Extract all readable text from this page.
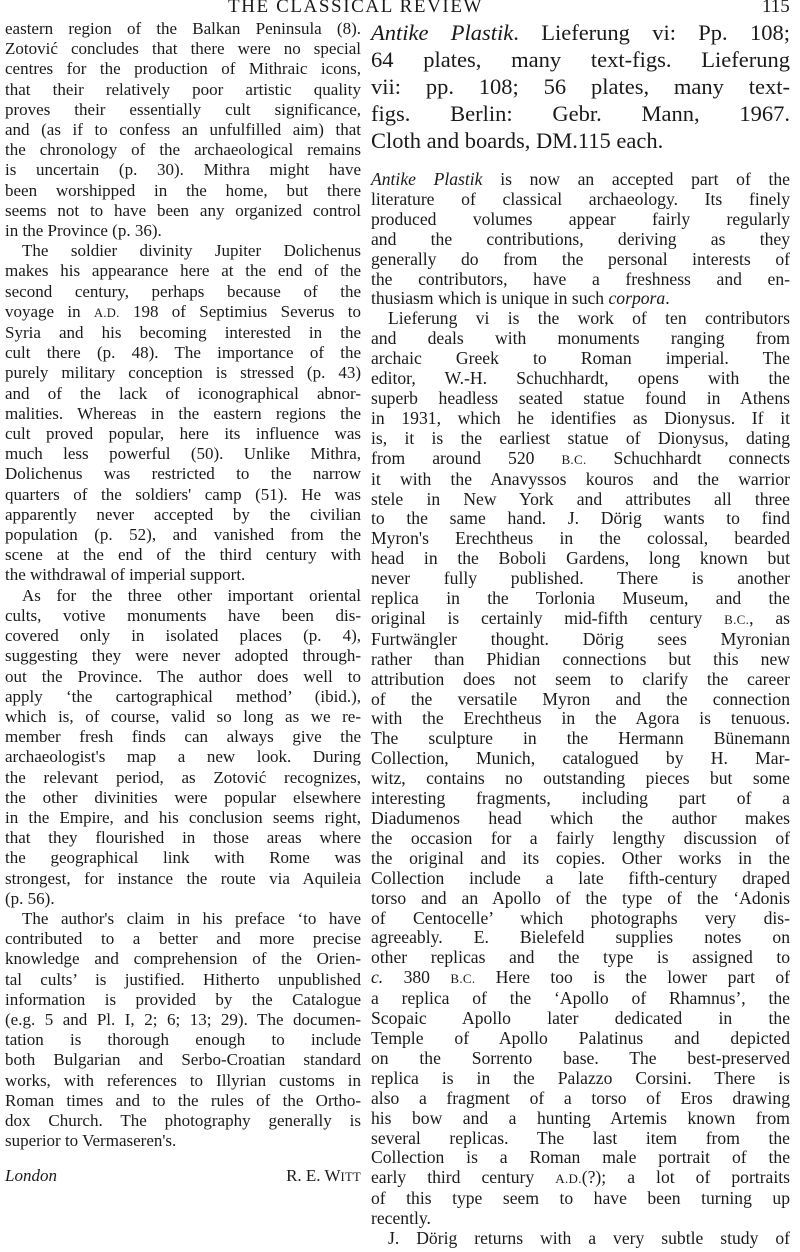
THE CLASSICAL REVIEW	115
eastern region of the Balkan Peninsula (8).
Zotović concludes that there were no special
centres for the production of Mithraic icons,
that their relatively poor artistic quality
proves their essentially cult significance,
and (as if to confess an unfulfilled aim) that
the chronology of the archaeological remains
is uncertain (p. 30). Mithra might have
been worshipped in the home, but there
seems not to have been any organized control
in the Province (p. 36).
The soldier divinity Jupiter Dolichenus
makes his appearance here at the end of the
second century, perhaps because of the
voyage in A.D. 198 of Septimius Severus to
Syria and his becoming interested in the
cult there (p. 48). The importance of the
purely military conception is stressed (p. 43)
and of the lack of iconographical abnor-
malities. Whereas in the eastern regions the
cult proved popular, here its influence was
much less powerful (50). Unlike Mithra,
Dolichenus was restricted to the narrow
quarters of the soldiers' camp (51). He was
apparently never accepted by the civilian
population (p. 52), and vanished from the
scene at the end of the third century with
the withdrawal of imperial support.
As for the three other important oriental
cults, votive monuments have been dis-
covered only in isolated places (p. 4),
suggesting they were never adopted through-
out the Province. The author does well to
apply ‘the cartographical method’ (ibid.),
which is, of course, valid so long as we re-
member fresh finds can always give the
archaeologist's map a new look. During
the relevant period, as Zotović recognizes,
the other divinities were popular elsewhere
in the Empire, and his conclusion seems right,
that they flourished in those areas where
the geographical link with Rome was
strongest, for instance the route via Aquileia
(p. 56).
The author's claim in his preface ‘to have
contributed to a better and more precise
knowledge and comprehension of the Orien-
tal cults’ is justified. Hitherto unpublished
information is provided by the Catalogue
(e.g. 5 and Pl. I, 2; 6; 13; 29). The documen-
tation is thorough enough to include
both Bulgarian and Serbo-Croatian standard
works, with references to Illyrian customs in
Roman times and to the rules of the Ortho-
dox Church. The photography generally is
superior to Vermaseren's.
London	R. E. WITT
Antike Plastik. Lieferung vi: Pp. 108;
64 plates, many text-figs. Lieferung
vii: pp. 108; 56 plates, many text-
figs. Berlin: Gebr. Mann, 1967.
Cloth and boards, DM.115 each.
Antike Plastik is now an accepted part of the
literature of classical archaeology. Its finely
produced volumes appear fairly regularly
and the contributions, deriving as they
generally do from the personal interests of
the contributors, have a freshness and en-
thusiasm which is unique in such corpora.
Lieferung vi is the work of ten contributors
and deals with monuments ranging from
archaic Greek to Roman imperial. The
editor, W.-H. Schuchhardt, opens with the
superb headless seated statue found in Athens
in 1931, which he identifies as Dionysus. If it
is, it is the earliest statue of Dionysus, dating
from around 520 B.C. Schuchhardt connects
it with the Anavyssos kouros and the warrior
stele in New York and attributes all three
to the same hand. J. Dörig wants to find
Myron's Erechtheus in the colossal, bearded
head in the Boboli Gardens, long known but
never fully published. There is another
replica in the Torlonia Museum, and the
original is certainly mid-fifth century B.C., as
Furtwängler thought. Dörig sees Myronian
rather than Phidian connections but this new
attribution does not seem to clarify the career
of the versatile Myron and the connection
with the Erechtheus in the Agora is tenuous.
The sculpture in the Hermann Bünemann
Collection, Munich, catalogued by H. Mar-
witz, contains no outstanding pieces but some
interesting fragments, including part of a
Diadumenos head which the author makes
the occasion for a fairly lengthy discussion of
the original and its copies. Other works in the
Collection include a late fifth-century draped
torso and an Apollo of the type of the ‘Adonis
of Centocelle’ which photographs very dis-
agreeably. E. Bielefeld supplies notes on
other replicas and the type is assigned to
c. 380 B.C. Here too is the lower part of
a replica of the ‘Apollo of Rhamnus’, the
Scopaic Apollo later dedicated in the
Temple of Apollo Palatinus and depicted
on the Sorrento base. The best-preserved
replica is in the Palazzo Corsini. There is
also a fragment of a torso of Eros drawing
his bow and a hunting Artemis known from
several replicas. The last item from the
Collection is a Roman male portrait of the
early third century A.D.(?); a lot of portraits
of this type seem to have been turning up
recently.
J. Dörig returns with a very subtle study of
